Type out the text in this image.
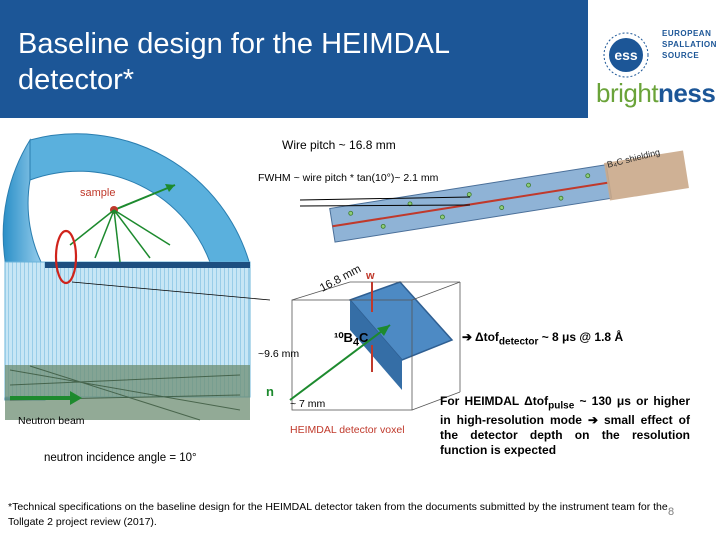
Baseline design for the HEIMDAL detector*
ess
EUROPEAN
SPALLATION
SOURCE
brightness
Wire pitch ~ 16.8 mm
FWHM ~ wire pitch * tan(10°)~ 2.1 mm
sample
B₄C shielding
w
16.8 mm
$^{10}B_4C$
~9.6 mm
n
~ 7 mm
HEIMDAL detector voxel
Neutron beam
neutron incidence angle = 10°
➔ Δtof$_{detector}$ ~ 8 μs @ 1.8 Å
For HEIMDAL Δtof$_{pulse}$ ~ 130 μs or higher in high-resolution mode ➔ small effect of the detector depth on the resolution function is expected
*Technical specifications on the baseline design for the HEIMDAL detector taken from the documents submitted by the instrument team for the Tollgate 2 project review (2017).
8
